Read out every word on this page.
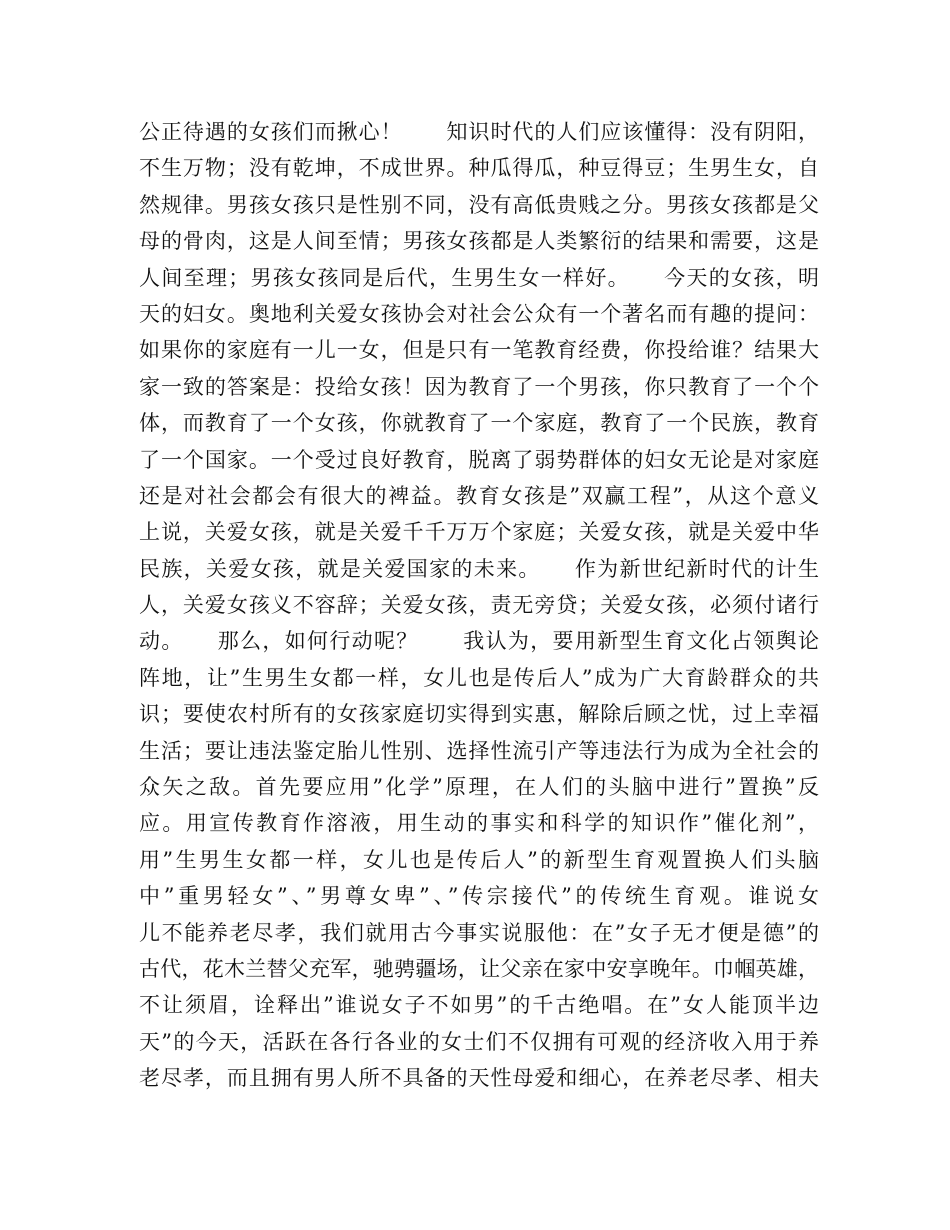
公正待遇的女孩们而揪心！　　知识时代的人们应该懂得：没有阴阳，
不生万物；没有乾坤，不成世界。种瓜得瓜，种豆得豆；生男生女，自
然规律。男孩女孩只是性别不同，没有高低贵贱之分。男孩女孩都是父
母的骨肉，这是人间至情；男孩女孩都是人类繁衍的结果和需要，这是
人间至理；男孩女孩同是后代，生男生女一样好。　　今天的女孩，明
天的妇女。奥地利关爱女孩协会对社会公众有一个著名而有趣的提问：
如果你的家庭有一儿一女，但是只有一笔教育经费，你投给谁？结果大
家一致的答案是：投给女孩！因为教育了一个男孩，你只教育了一个个
体，而教育了一个女孩，你就教育了一个家庭，教育了一个民族，教育
了一个国家。一个受过良好教育，脱离了弱势群体的妇女无论是对家庭
还是对社会都会有很大的裨益。教育女孩是”双赢工程”，从这个意义
上说，关爱女孩，就是关爱千千万万个家庭；关爱女孩，就是关爱中华
民族，关爱女孩，就是关爱国家的未来。　　作为新世纪新时代的计生
人，关爱女孩义不容辞；关爱女孩，责无旁贷；关爱女孩，必须付诸行
动。　　那么，如何行动呢？　　我认为，要用新型生育文化占领舆论
阵地，让”生男生女都一样，女儿也是传后人”成为广大育龄群众的共
识；要使农村所有的女孩家庭切实得到实惠，解除后顾之忧，过上幸福
生活；要让违法鉴定胎儿性别、选择性流引产等违法行为成为全社会的
众矢之敌。首先要应用”化学”原理，在人们的头脑中进行”置换”反
应。用宣传教育作溶液，用生动的事实和科学的知识作”催化剂”，
用”生男生女都一样，女儿也是传后人”的新型生育观置换人们头脑
中”重男轻女”、”男尊女卑”、”传宗接代”的传统生育观。谁说女
儿不能养老尽孝，我们就用古今事实说服他：在”女子无才便是德”的
古代，花木兰替父充军，驰骋疆场，让父亲在家中安享晚年。巾帼英雄，
不让须眉，诠释出”谁说女子不如男”的千古绝唱。在”女人能顶半边
天”的今天，活跃在各行各业的女士们不仅拥有可观的经济收入用于养
老尽孝，而且拥有男人所不具备的天性母爱和细心，在养老尽孝、相夫
